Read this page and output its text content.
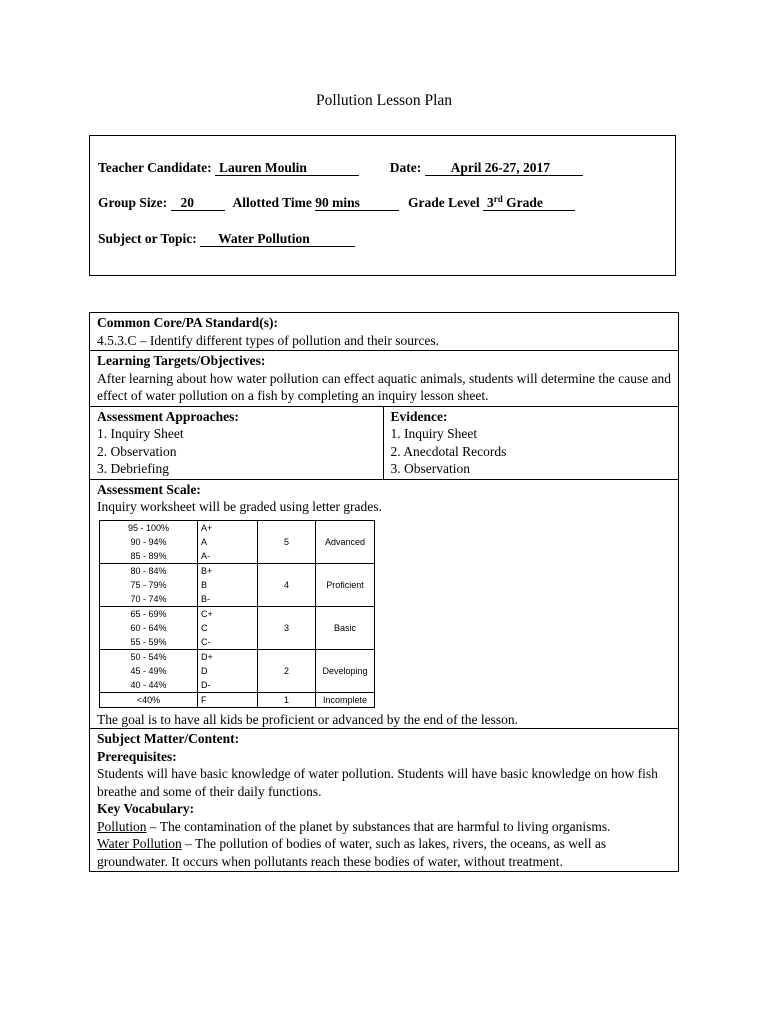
Pollution Lesson Plan
Teacher Candidate: Lauren Moulin	Date: April 26-27, 2017
Group Size: 20	Allotted Time 90 mins	Grade Level 3rd Grade
Subject or Topic: Water Pollution
Common Core/PA Standard(s):
4.5.3.C – Identify different types of pollution and their sources.

Learning Targets/Objectives:
After learning about how water pollution can effect aquatic animals, students will determine the cause and effect of water pollution on a fish by completing an inquiry lesson sheet.

Assessment Approaches:
1. Inquiry Sheet
2. Observation
3. Debriefing

Evidence:
1. Inquiry Sheet
2. Anecdotal Records
3. Observation

Assessment Scale:
Inquiry worksheet will be graded using letter grades.
95 - 100%	A+	5	Advanced
90 - 94%	A
85 - 89%	A-
80 - 84%	B+	4	Proficient
75 - 79%	B
70 - 74%	B-
65 - 69%	C+	3	Basic
60 - 64%	C
55 - 59%	C-
50 - 54%	D+	2	Developing
45 - 49%	D
40 - 44%	D-
<40%	F	1	Incomplete
The goal is to have all kids be proficient or advanced by the end of the lesson.

Subject Matter/Content:
Prerequisites:
Students will have basic knowledge of water pollution. Students will have basic knowledge on how fish breathe and some of their daily functions.
Key Vocabulary:
Pollution – The contamination of the planet by substances that are harmful to living organisms.
Water Pollution – The pollution of bodies of water, such as lakes, rivers, the oceans, as well as groundwater. It occurs when pollutants reach these bodies of water, without treatment.
